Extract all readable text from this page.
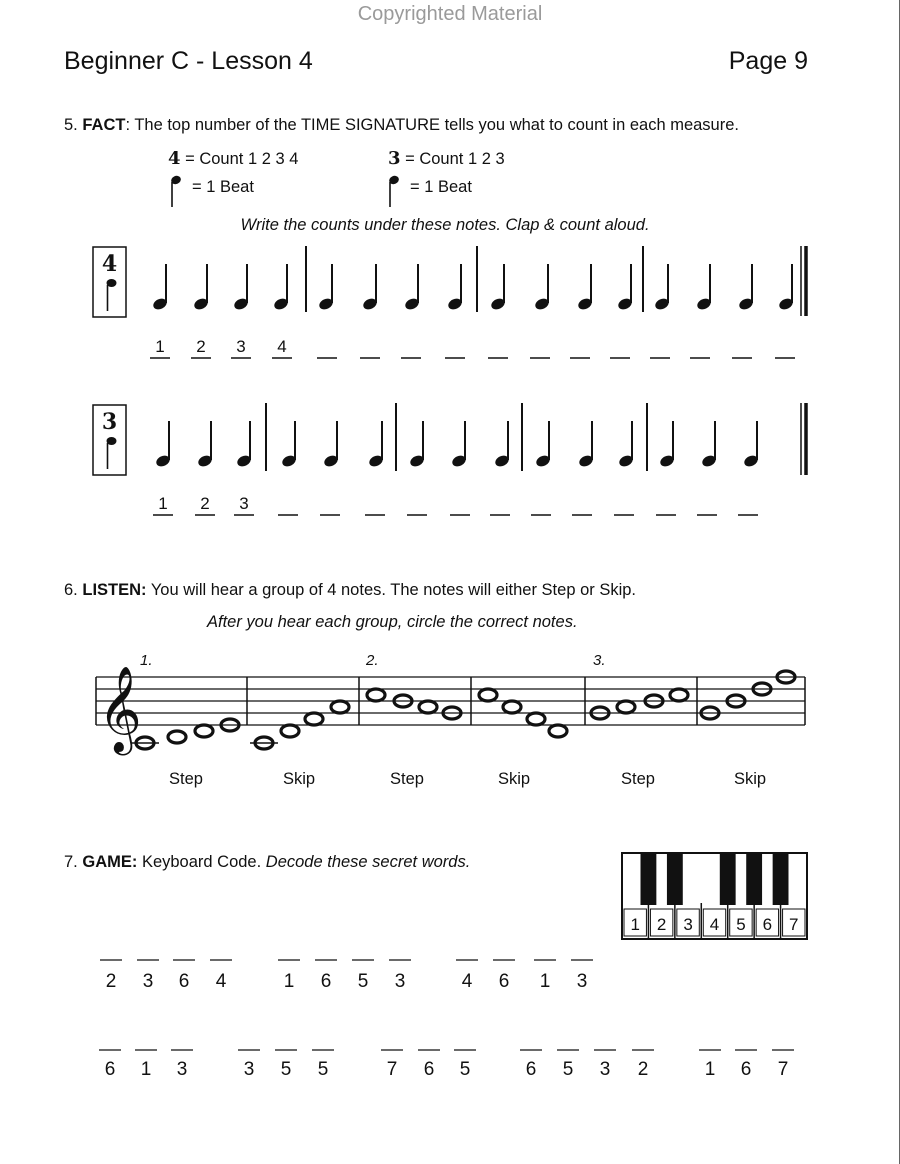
Copyrighted Material
Beginner C - Lesson 4	Page 9
5. FACT: The top number of the TIME SIGNATURE tells you what to count in each measure.
4 = Count 1 2 3 4	3 = Count 1 2 3
= 1 Beat	= 1 Beat
Write the counts under these notes. Clap & count aloud.
6. LISTEN: You will hear a group of 4 notes. The notes will either Step or Skip.
After you hear each group, circle the correct notes.
7. GAME: Keyboard Code. Decode these secret words.
4
1 2 3 4
3
1 2 3
𝄞
1.	2.	3.
Step	Skip	Step	Skip	Step	Skip
1 2 3 4 5 6 7
2 3 6 4	1 6 5 3	4 6 1 3
6 1 3	3 5 5	7 6 5	6 5 3 2	1 6 7
